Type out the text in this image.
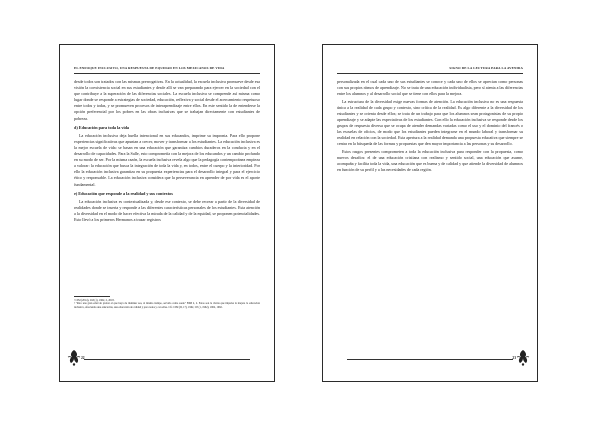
EL ENFOQUE INCLUSIVO, UNA RESPUESTA DE EQUIDAD EN LOS MEXICANOS DE VIDA

desde todos son tratados con las mismas prerrogativas. En la actualidad, la escuela inclusiva promueve desde esa visión la coexistencia social en sus estudiantes y desde allí se van preparando para ejercer en la sociedad con el que contribuye a la superación de las diferencias sociales. La escuela inclusiva se comprende así misma como lugar donde se responde a estrategias de sociedad, educación, reflexiva y social desde el acercamiento respetuoso entre todos y todas, y se promueven procesos de interaprendizaje entre ellos. En este sentido la de entenderse la opción preferencial por los pobres en las obras inclusivas que se trabajan directamente con estudiantes de pobreza.

d) Educación para toda la vida

La educación inclusiva deja huella intencional en sus educandos, imprime su impronta. Para ello propone experiencias significativas que apuntan a crecer, mover y transformar a los estudiantes. La educación inclusiva es la mejor escuela de vida: se basan en una educación que garantiza cambios duraderos en la conducta y en el desarrollo de capacidades. Para la Salle, esto comprometía con la mejora de los educandos y un cambio profundo en su modo de ser. Por la misma razón, la escuela inclusiva revela algo que la pedagogía contemporánea empieza a valorar: la educación que busca la integración de toda la vida y, en todos, entre el cuerpo y la interioridad. Por ello la educación inclusiva garantiza en su propuesta experiencias para el desarrollo integral y para el ejercicio ético y responsable. La educación inclusiva considera que la perseverancia en aprender de por vida es el aporte fundamental.

e) Educación que responde a la realidad y sus contextos

La educación inclusiva es contextualizada y, desde ese contexto, se debe recrear a partir de la diversidad de realidades donde se inserta y responde a las diferentes características personales de los estudiantes. Esta atención a la diversidad en el modo de hacer efectiva la mirada de la calidad y de la equidad, se proponen potencialidades. Esto llevó a los primeros Hermanos a trazar registros

¹ CIM (2014), LM (1), 1962, 2, 2018.
² "Pero una gran edad de probar el que haya de iluminar sea, al mismo tiempo, servido como suelo" BIM 2, 2. Estas son la visión que impulsa la mejora la educación inclusiva, ofreciendo una educación, una educación de calidad y para todos y con ellos. Cfr. CIM (II, 17), 1962, CP (1, 1962), 1962, 1962.
22
SIGNO DE LA LECTURA PARA LA AVENIDA

personalizada en el cual cada uno de sus estudiantes se conoce y cada uno de ellos se aprecian como personas con sus propios ritmos de aprendizaje. No se trata de una educación individualista, pero sí atenta a las diferencias entre los alumnos y al desarrollo social que se tiene con ellos para la mejora.

La estructura de la diversidad exige nuevas formas de atención. La educación inclusiva no es una respuesta única a la realidad de cada grupo y contexto, sino crítica de la realidad. Es algo diferente a la diversidad de los estudiantes y se orienta desde ellos; se trata de un trabajo para que los alumnos sean protagonistas de su propio aprendizaje y se adapte las expectativas de los estudiantes. Con ello la educación inclusiva se responde desde los grupos de respuesta diversa que se ocupa de atender demandas variadas como el uso y el dominio del francés o las escuelas de oficios, de modo que los estudiantes pueden integrarse en el mundo laboral y transformar su realidad en relación con la sociedad. Esta apertura a la realidad demanda una propuesta educativa que siempre se centra en la búsqueda de las formas y propuestas que den mayor importancia a las personas y su desarrollo.

Estos rasgos presentes comprometen a toda la educación inclusiva para responder con la propuesta, como nuevos desafíos: el de una educación cristiana con realismo y sentido social, una educación que asume, acompaña y facilita toda la vida, una educación que es buena y de calidad y que atiende la diversidad de alumnos en función de su perfil y a las necesidades de cada región.

23
